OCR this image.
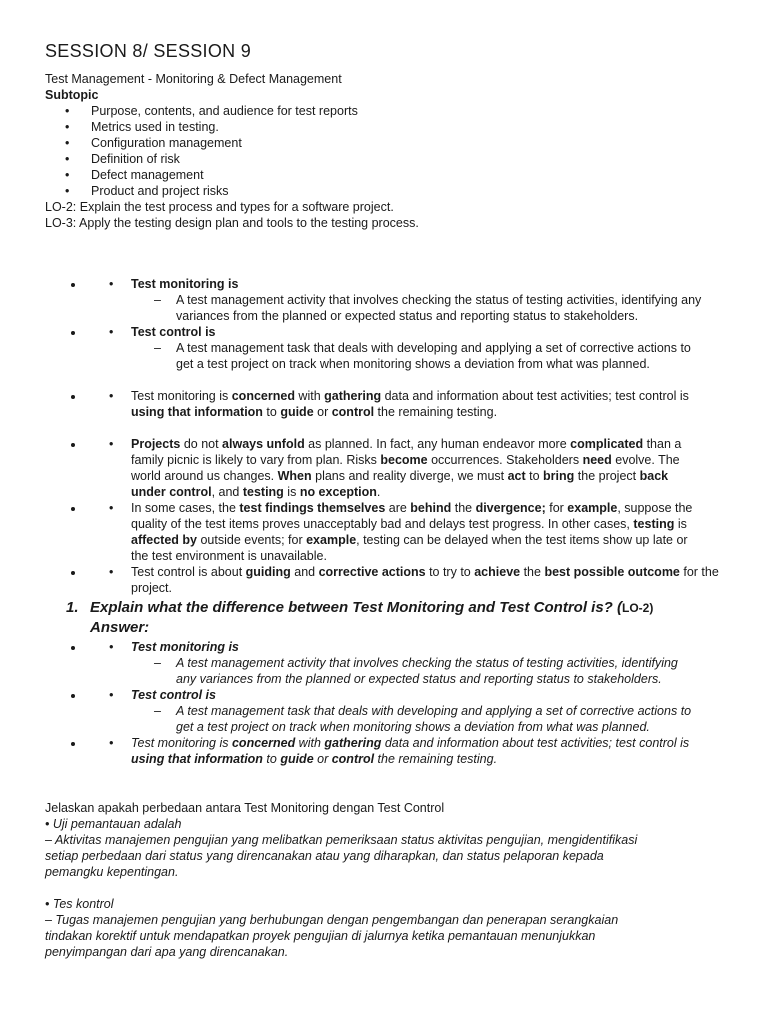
SESSION 8/ SESSION 9
Test Management - Monitoring & Defect Management
Subtopic
• Purpose, contents, and audience for test reports
• Metrics used in testing.
• Configuration management
• Definition of risk
• Defect management
• Product and project risks
LO-2: Explain the test process and types for a software project.
LO-3: Apply the testing design plan and tools to the testing process.
• • Test monitoring is
– A test management activity that involves checking the status of testing activities, identifying any
variances from the planned or expected status and reporting status to stakeholders.
• • Test control is
– A test management task that deals with developing and applying a set of corrective actions to
get a test project on track when monitoring shows a deviation from what was planned.
• • Test monitoring is concerned with gathering data and information about test activities; test control is
using that information to guide or control the remaining testing.
• • Projects do not always unfold as planned. In fact, any human endeavor more complicated than a
family picnic is likely to vary from plan. Risks become occurrences. Stakeholders need evolve. The
world around us changes. When plans and reality diverge, we must act to bring the project back
under control, and testing is no exception.
• • In some cases, the test findings themselves are behind the divergence; for example, suppose the
quality of the test items proves unacceptably bad and delays test progress. In other cases, testing is
affected by outside events; for example, testing can be delayed when the test items show up late or
the test environment is unavailable.
• • Test control is about guiding and corrective actions to try to achieve the best possible outcome for the
project.
1. Explain what the difference between Test Monitoring and Test Control is? (LO-2)
Answer:
• • Test monitoring is
– A test management activity that involves checking the status of testing activities, identifying
any variances from the planned or expected status and reporting status to stakeholders.
• • Test control is
– A test management task that deals with developing and applying a set of corrective actions to
get a test project on track when monitoring shows a deviation from what was planned.
• • Test monitoring is concerned with gathering data and information about test activities; test control is
using that information to guide or control the remaining testing.
Jelaskan apakah perbedaan antara Test Monitoring dengan Test Control
• Uji pemantauan adalah
– Aktivitas manajemen pengujian yang melibatkan pemeriksaan status aktivitas pengujian, mengidentifikasi
setiap perbedaan dari status yang direncanakan atau yang diharapkan, dan status pelaporan kepada
pemangku kepentingan.
• Tes kontrol
– Tugas manajemen pengujian yang berhubungan dengan pengembangan dan penerapan serangkaian
tindakan korektif untuk mendapatkan proyek pengujian di jalurnya ketika pemantauan menunjukkan
penyimpangan dari apa yang direncanakan.
